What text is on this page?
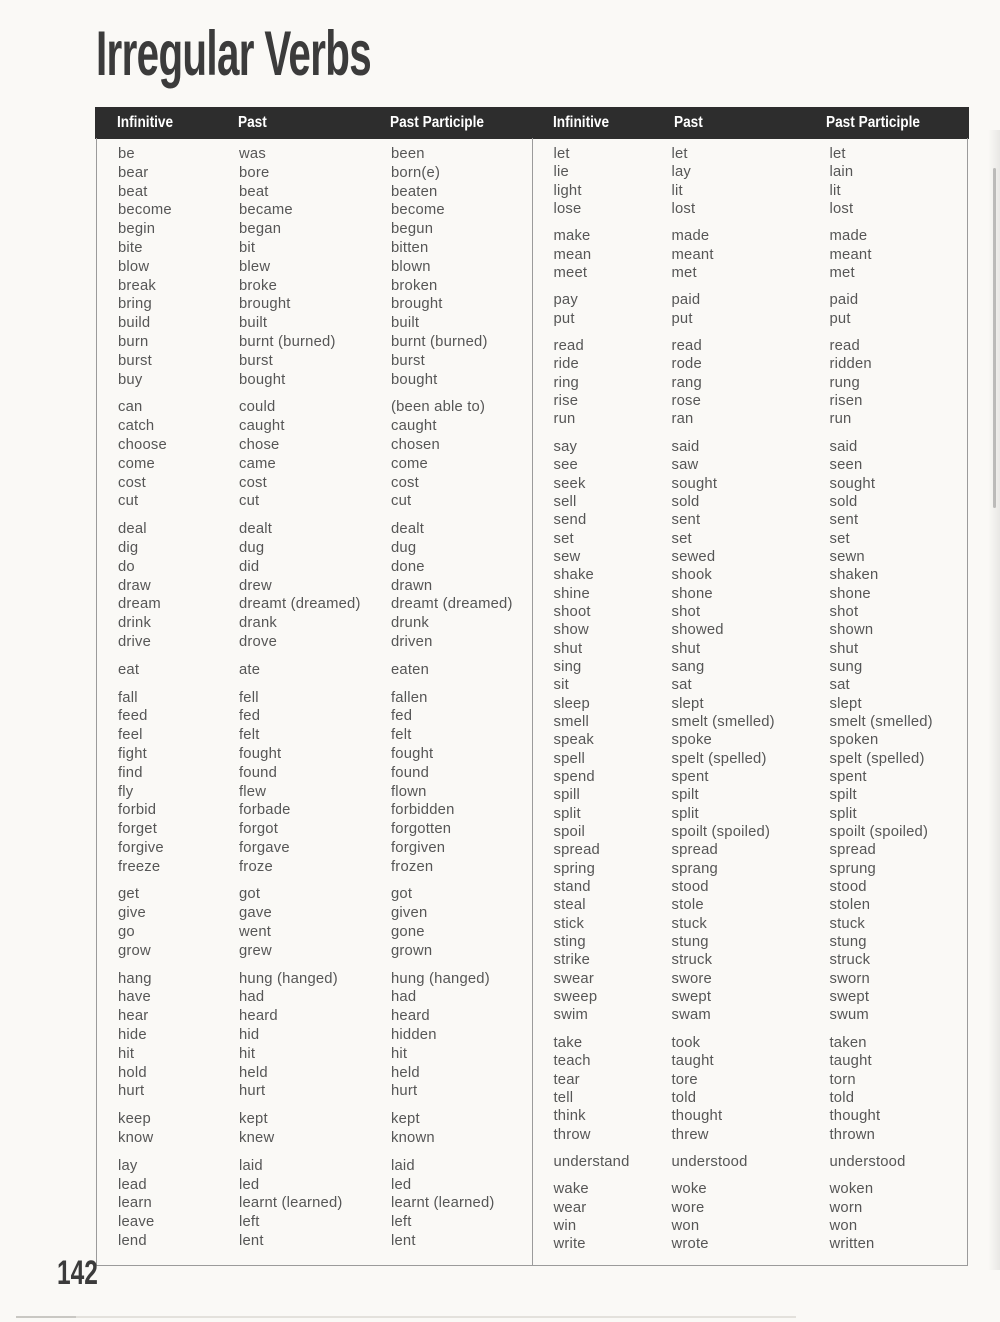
Irregular Verbs
Infinitive	Past	Past Participle	Infinitive	Past	Past Participle
be	was	been
bear	bore	born(e)
beat	beat	beaten
become	became	become
begin	began	begun
bite	bit	bitten
blow	blew	blown
break	broke	broken
bring	brought	brought
build	built	built
burn	burnt (burned)	burnt (burned)
burst	burst	burst
buy	bought	bought
can	could	(been able to)
catch	caught	caught
choose	chose	chosen
come	came	come
cost	cost	cost
cut	cut	cut
deal	dealt	dealt
dig	dug	dug
do	did	done
draw	drew	drawn
dream	dreamt (dreamed)	dreamt (dreamed)
drink	drank	drunk
drive	drove	driven
eat	ate	eaten
fall	fell	fallen
feed	fed	fed
feel	felt	felt
fight	fought	fought
find	found	found
fly	flew	flown
forbid	forbade	forbidden
forget	forgot	forgotten
forgive	forgave	forgiven
freeze	froze	frozen
get	got	got
give	gave	given
go	went	gone
grow	grew	grown
hang	hung (hanged)	hung (hanged)
have	had	had
hear	heard	heard
hide	hid	hidden
hit	hit	hit
hold	held	held
hurt	hurt	hurt
keep	kept	kept
know	knew	known
lay	laid	laid
lead	led	led
learn	learnt (learned)	learnt (learned)
leave	left	left
lend	lent	lent
let	let	let
lie	lay	lain
light	lit	lit
lose	lost	lost
make	made	made
mean	meant	meant
meet	met	met
pay	paid	paid
put	put	put
read	read	read
ride	rode	ridden
ring	rang	rung
rise	rose	risen
run	ran	run
say	said	said
see	saw	seen
seek	sought	sought
sell	sold	sold
send	sent	sent
set	set	set
sew	sewed	sewn
shake	shook	shaken
shine	shone	shone
shoot	shot	shot
show	showed	shown
shut	shut	shut
sing	sang	sung
sit	sat	sat
sleep	slept	slept
smell	smelt (smelled)	smelt (smelled)
speak	spoke	spoken
spell	spelt (spelled)	spelt (spelled)
spend	spent	spent
spill	spilt	spilt
split	split	split
spoil	spoilt (spoiled)	spoilt (spoiled)
spread	spread	spread
spring	sprang	sprung
stand	stood	stood
steal	stole	stolen
stick	stuck	stuck
sting	stung	stung
strike	struck	struck
swear	swore	sworn
sweep	swept	swept
swim	swam	swum
take	took	taken
teach	taught	taught
tear	tore	torn
tell	told	told
think	thought	thought
throw	threw	thrown
understand	understood	understood
wake	woke	woken
wear	wore	worn
win	won	won
write	wrote	written
142
